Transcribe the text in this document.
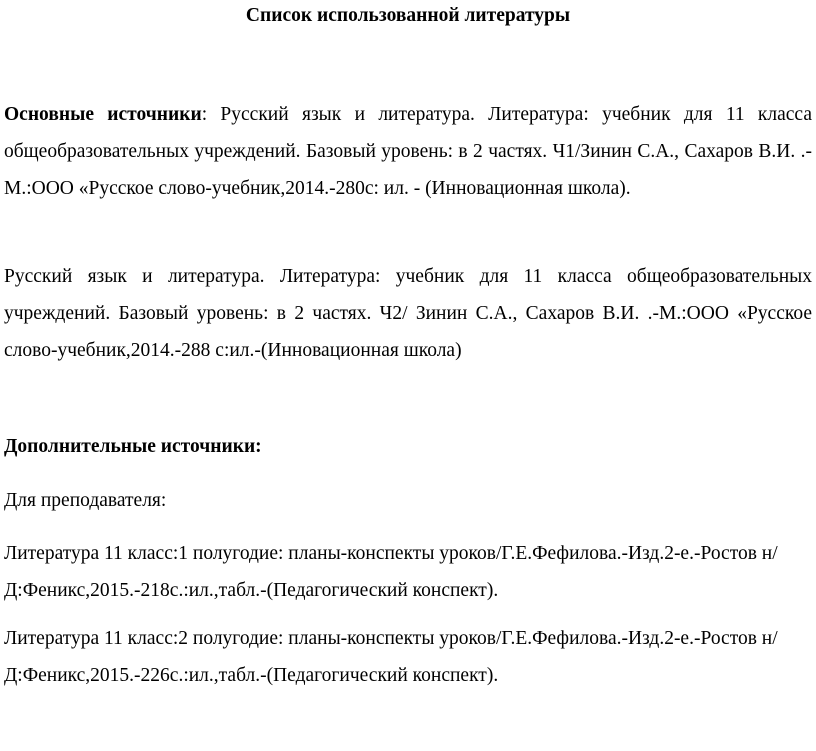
Список использованной литературы

Основные источники: Русский язык и литература. Литература: учебник для 11 класса общеобразовательных учреждений. Базовый уровень: в 2 частях. Ч1/Зинин С.А., Сахаров В.И. .-М.:ООО «Русское слово-учебник,2014.-280с: ил. - (Инновационная школа).

Русский язык и литература. Литература: учебник для 11 класса общеобразовательных учреждений. Базовый уровень: в 2 частях. Ч2/ Зинин С.А., Сахаров В.И. .-М.:ООО «Русское слово-учебник,2014.-288 с:ил.-(Инновационная школа)

Дополнительные источники:

Для преподавателя:

Литература 11 класс:1 полугодие: планы-конспекты уроков/Г.Е.Фефилова.-Изд.2-е.-Ростов н/Д:Феникс,2015.-218с.:ил.,табл.-(Педагогический конспект).

Литература 11 класс:2 полугодие: планы-конспекты уроков/Г.Е.Фефилова.-Изд.2-е.-Ростов н/Д:Феникс,2015.-226с.:ил.,табл.-(Педагогический конспект).
